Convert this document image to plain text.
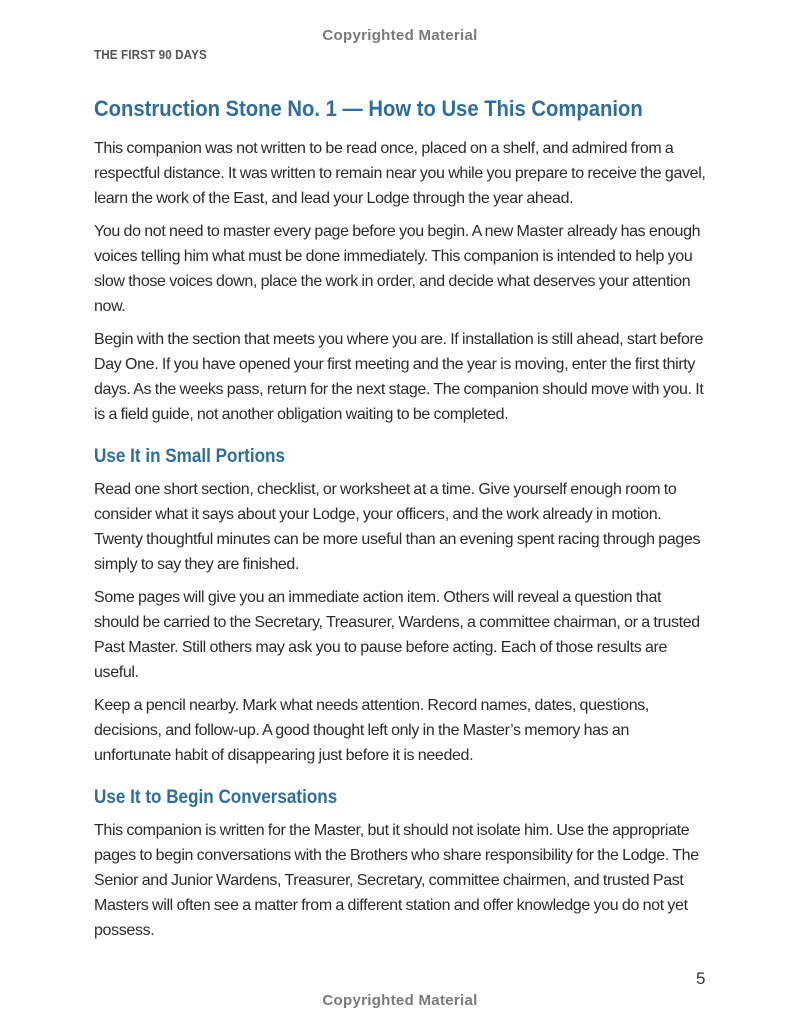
Copyrighted Material
THE FIRST 90 DAYS
Construction Stone No. 1 — How to Use This Companion

This companion was not written to be read once, placed on a shelf, and admired from a respectful distance. It was written to remain near you while you prepare to receive the gavel, learn the work of the East, and lead your Lodge through the year ahead.

You do not need to master every page before you begin. A new Master already has enough voices telling him what must be done immediately. This companion is intended to help you slow those voices down, place the work in order, and decide what deserves your attention now.

Begin with the section that meets you where you are. If installation is still ahead, start before Day One. If you have opened your first meeting and the year is moving, enter the first thirty days. As the weeks pass, return for the next stage. The companion should move with you. It is a field guide, not another obligation waiting to be completed.

Use It in Small Portions

Read one short section, checklist, or worksheet at a time. Give yourself enough room to consider what it says about your Lodge, your officers, and the work already in motion. Twenty thoughtful minutes can be more useful than an evening spent racing through pages simply to say they are finished.

Some pages will give you an immediate action item. Others will reveal a question that should be carried to the Secretary, Treasurer, Wardens, a committee chairman, or a trusted Past Master. Still others may ask you to pause before acting. Each of those results are useful.

Keep a pencil nearby. Mark what needs attention. Record names, dates, questions, decisions, and follow-up. A good thought left only in the Master’s memory has an unfortunate habit of disappearing just before it is needed.

Use It to Begin Conversations

This companion is written for the Master, but it should not isolate him. Use the appropriate pages to begin conversations with the Brothers who share responsibility for the Lodge. The Senior and Junior Wardens, Treasurer, Secretary, committee chairmen, and trusted Past Masters will often see a matter from a different station and offer knowledge you do not yet possess.

5
Copyrighted Material
